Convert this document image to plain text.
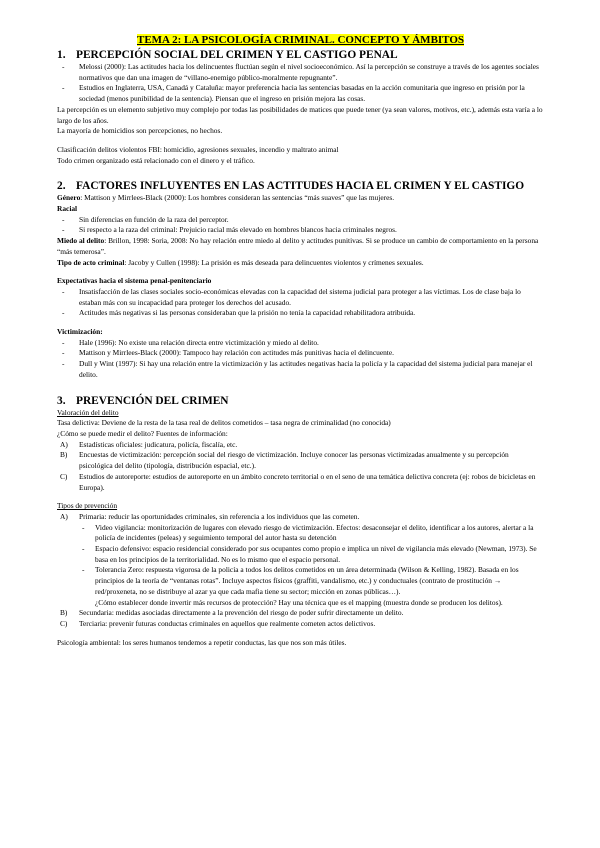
TEMA 2: LA PSICOLOGÍA CRIMINAL. CONCEPTO Y ÁMBITOS
1. PERCEPCIÓN SOCIAL DEL CRIMEN Y EL CASTIGO PENAL
- Melossi (2000): Las actitudes hacia los delincuentes fluctúan según el nivel socioeconómico. Así la percepción se construye a través de los agentes sociales normativos que dan una imagen de “villano-enemigo público-moralmente repugnante”.
- Estudios en Inglaterra, USA, Canadá y Cataluña: mayor preferencia hacia las sentencias basadas en la acción comunitaria que ingreso en prisión por la sociedad (menos punibilidad de la sentencia). Piensan que el ingreso en prisión mejora las cosas.

La percepción es un elemento subjetivo muy complejo por todas las posibilidades de matices que puede tener (ya sean valores, motivos, etc.), además esta varía a lo largo de los años.

La mayoría de homicidios son percepciones, no hechos.

Clasificación delitos violentos FBI: homicidio, agresiones sexuales, incendio y maltrato animal

Todo crimen organizado está relacionado con el dinero y el tráfico.

2. FACTORES INFLUYENTES EN LAS ACTITUDES HACIA EL CRIMEN Y EL CASTIGO

Género: Mattison y Mirrlees-Black (2000): Los hombres consideran las sentencias “más suaves” que las mujeres.

Racial

- Sin diferencias en función de la raza del perceptor.
- Si respecto a la raza del criminal: Prejuicio racial más elevado en hombres blancos hacia criminales negros.

Miedo al delito: Brillon, 1998: Soria, 2008: No hay relación entre miedo al delito y actitudes punitivas. Si se produce un cambio de comportamiento en la persona “más temerosa”.

Tipo de acto criminal: Jacoby y Cullen (1998): La prisión es más deseada para delincuentes violentos y crímenes sexuales.

Expectativas hacia el sistema penal-penitenciario

- Insatisfacción de las clases sociales socio-económicas elevadas con la capacidad del sistema judicial para proteger a las víctimas. Los de clase baja lo estaban más con su incapacidad para proteger los derechos del acusado.
- Actitudes más negativas si las personas consideraban que la prisión no tenía la capacidad rehabilitadora atribuida.

Victimización:

- Hale (1996): No existe una relación directa entre victimización y miedo al delito.
- Mattison y Mirrlees-Black (2000): Tampoco hay relación con actitudes más punitivas hacia el delincuente.
- Dull y Wint (1997): Si hay una relación entre la victimización y las actitudes negativas hacia la policía y la capacidad del sistema judicial para manejar el delito.
3. PREVENCIÓN DEL CRIMEN

Valoración del delito

Tasa delictiva: Deviene de la resta de la tasa real de delitos cometidos – tasa negra de criminalidad (no conocida)

¿Cómo se puede medir el delito? Fuentes de información:

A) Estadísticas oficiales: judicatura, policía, fiscalía, etc.
B) Encuestas de victimización: percepción social del riesgo de victimización. Incluye conocer las personas victimizadas anualmente y su percepción psicológica del delito (tipología, distribución espacial, etc.).
C) Estudios de autoreporte: estudios de autoreporte en un ámbito concreto territorial o en el seno de una temática delictiva concreta (ej: robos de bicicletas en Europa).

Tipos de prevención

A) Primaria: reducir las oportunidades criminales, sin referencia a los individuos que las cometen.
- Video vigilancia: monitorización de lugares con elevado riesgo de victimización. Efectos: desaconsejar el delito, identificar a los autores, alertar a la policía de incidentes (peleas) y seguimiento temporal del autor hasta su detención
- Espacio defensivo: espacio residencial considerado por sus ocupantes como propio e implica un nivel de vigilancia más elevado (Newman, 1973). Se basa en los principios de la territorialidad. No es lo mismo que el espacio personal.
- Tolerancia Zero: respuesta vigorosa de la policía a todos los delitos cometidos en un área determinada (Wilson & Kelling, 1982). Basada en los principios de la teoría de “ventanas rotas”. Incluye aspectos físicos (graffiti, vandalismo, etc.) y conductuales (contrato de prostitución → red/proxeneta, no se distribuye al azar ya que cada mafia tiene su sector; micción en zonas públicas…).

¿Cómo establecer donde invertir más recursos de protección? Hay una técnica que es el mapping (muestra donde se producen los delitos).

B) Secundaria: medidas asociadas directamente a la prevención del riesgo de poder sufrir directamente un delito.
C) Terciaria: prevenir futuras conductas criminales en aquellos que realmente cometen actos delictivos.

Psicología ambiental: los seres humanos tendemos a repetir conductas, las que nos son más útiles.
